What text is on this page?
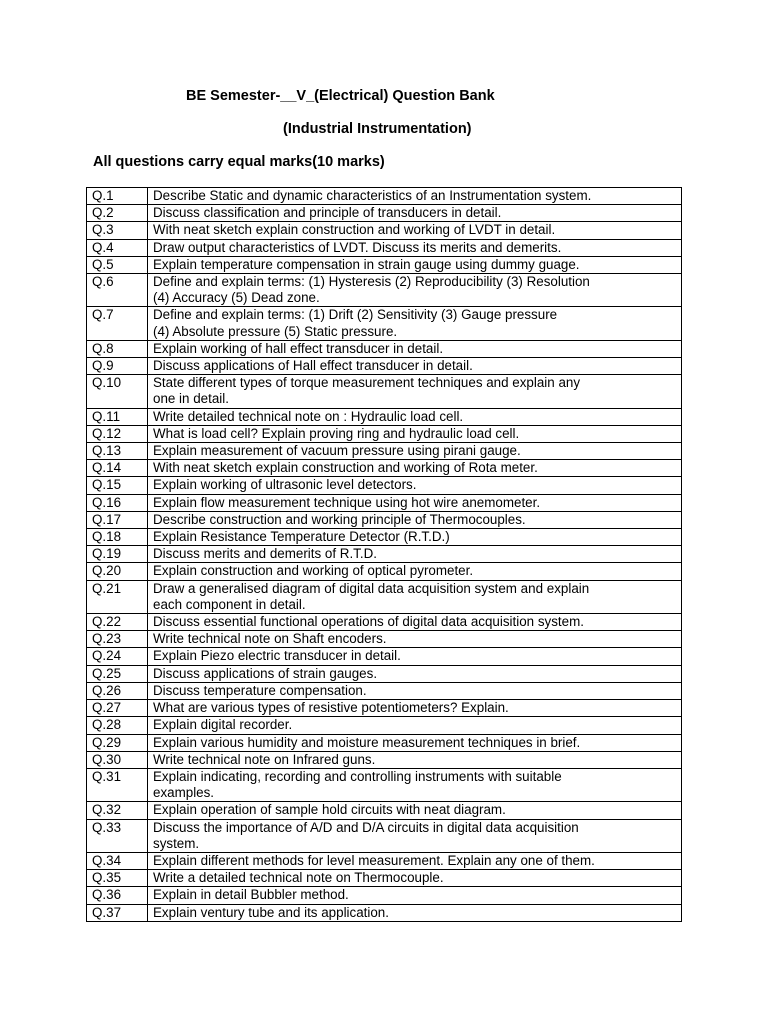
BE Semester-__V_(Electrical) Question Bank
(Industrial Instrumentation)
All questions carry equal marks(10 marks)
Q.1	Describe Static and dynamic characteristics of an Instrumentation system.
Q.2	Discuss classification and principle of transducers in detail.
Q.3	With neat sketch explain construction and working of LVDT in detail.
Q.4	Draw output characteristics of LVDT. Discuss its merits and demerits.
Q.5	Explain temperature compensation in strain gauge using dummy guage.
Q.6	Define and explain terms: (1) Hysteresis (2) Reproducibility (3) Resolution
(4) Accuracy (5) Dead zone.
Q.7	Define and explain terms: (1) Drift (2) Sensitivity (3) Gauge pressure
(4) Absolute pressure (5) Static pressure.
Q.8	Explain working of hall effect transducer in detail.
Q.9	Discuss applications of Hall effect transducer in detail.
Q.10	State different types of torque measurement techniques and explain any
one in detail.
Q.11	Write detailed technical note on : Hydraulic load cell.
Q.12	What is load cell? Explain proving ring and hydraulic load cell.
Q.13	Explain measurement of vacuum pressure using pirani gauge.
Q.14	With neat sketch explain construction and working of Rota meter.
Q.15	Explain working of ultrasonic level detectors.
Q.16	Explain flow measurement technique using hot wire anemometer.
Q.17	Describe construction and working principle of Thermocouples.
Q.18	Explain Resistance Temperature Detector (R.T.D.)
Q.19	Discuss merits and demerits of R.T.D.
Q.20	Explain construction and working of optical pyrometer.
Q.21	Draw a generalised diagram of digital data acquisition system and explain
each component in detail.
Q.22	Discuss essential functional operations of digital data acquisition system.
Q.23	Write technical note on Shaft encoders.
Q.24	Explain Piezo electric transducer in detail.
Q.25	Discuss applications of strain gauges.
Q.26	Discuss temperature compensation.
Q.27	What are various types of resistive potentiometers? Explain.
Q.28	Explain digital recorder.
Q.29	Explain various humidity and moisture measurement techniques in brief.
Q.30	Write technical note on Infrared guns.
Q.31	Explain indicating, recording and controlling instruments with suitable
examples.
Q.32	Explain operation of sample hold circuits with neat diagram.
Q.33	Discuss the importance of A/D and D/A circuits in digital data acquisition
system.
Q.34	Explain different methods for level measurement. Explain any one of them.
Q.35	Write a detailed technical note on Thermocouple.
Q.36	Explain in detail Bubbler method.
Q.37	Explain ventury tube and its application.
